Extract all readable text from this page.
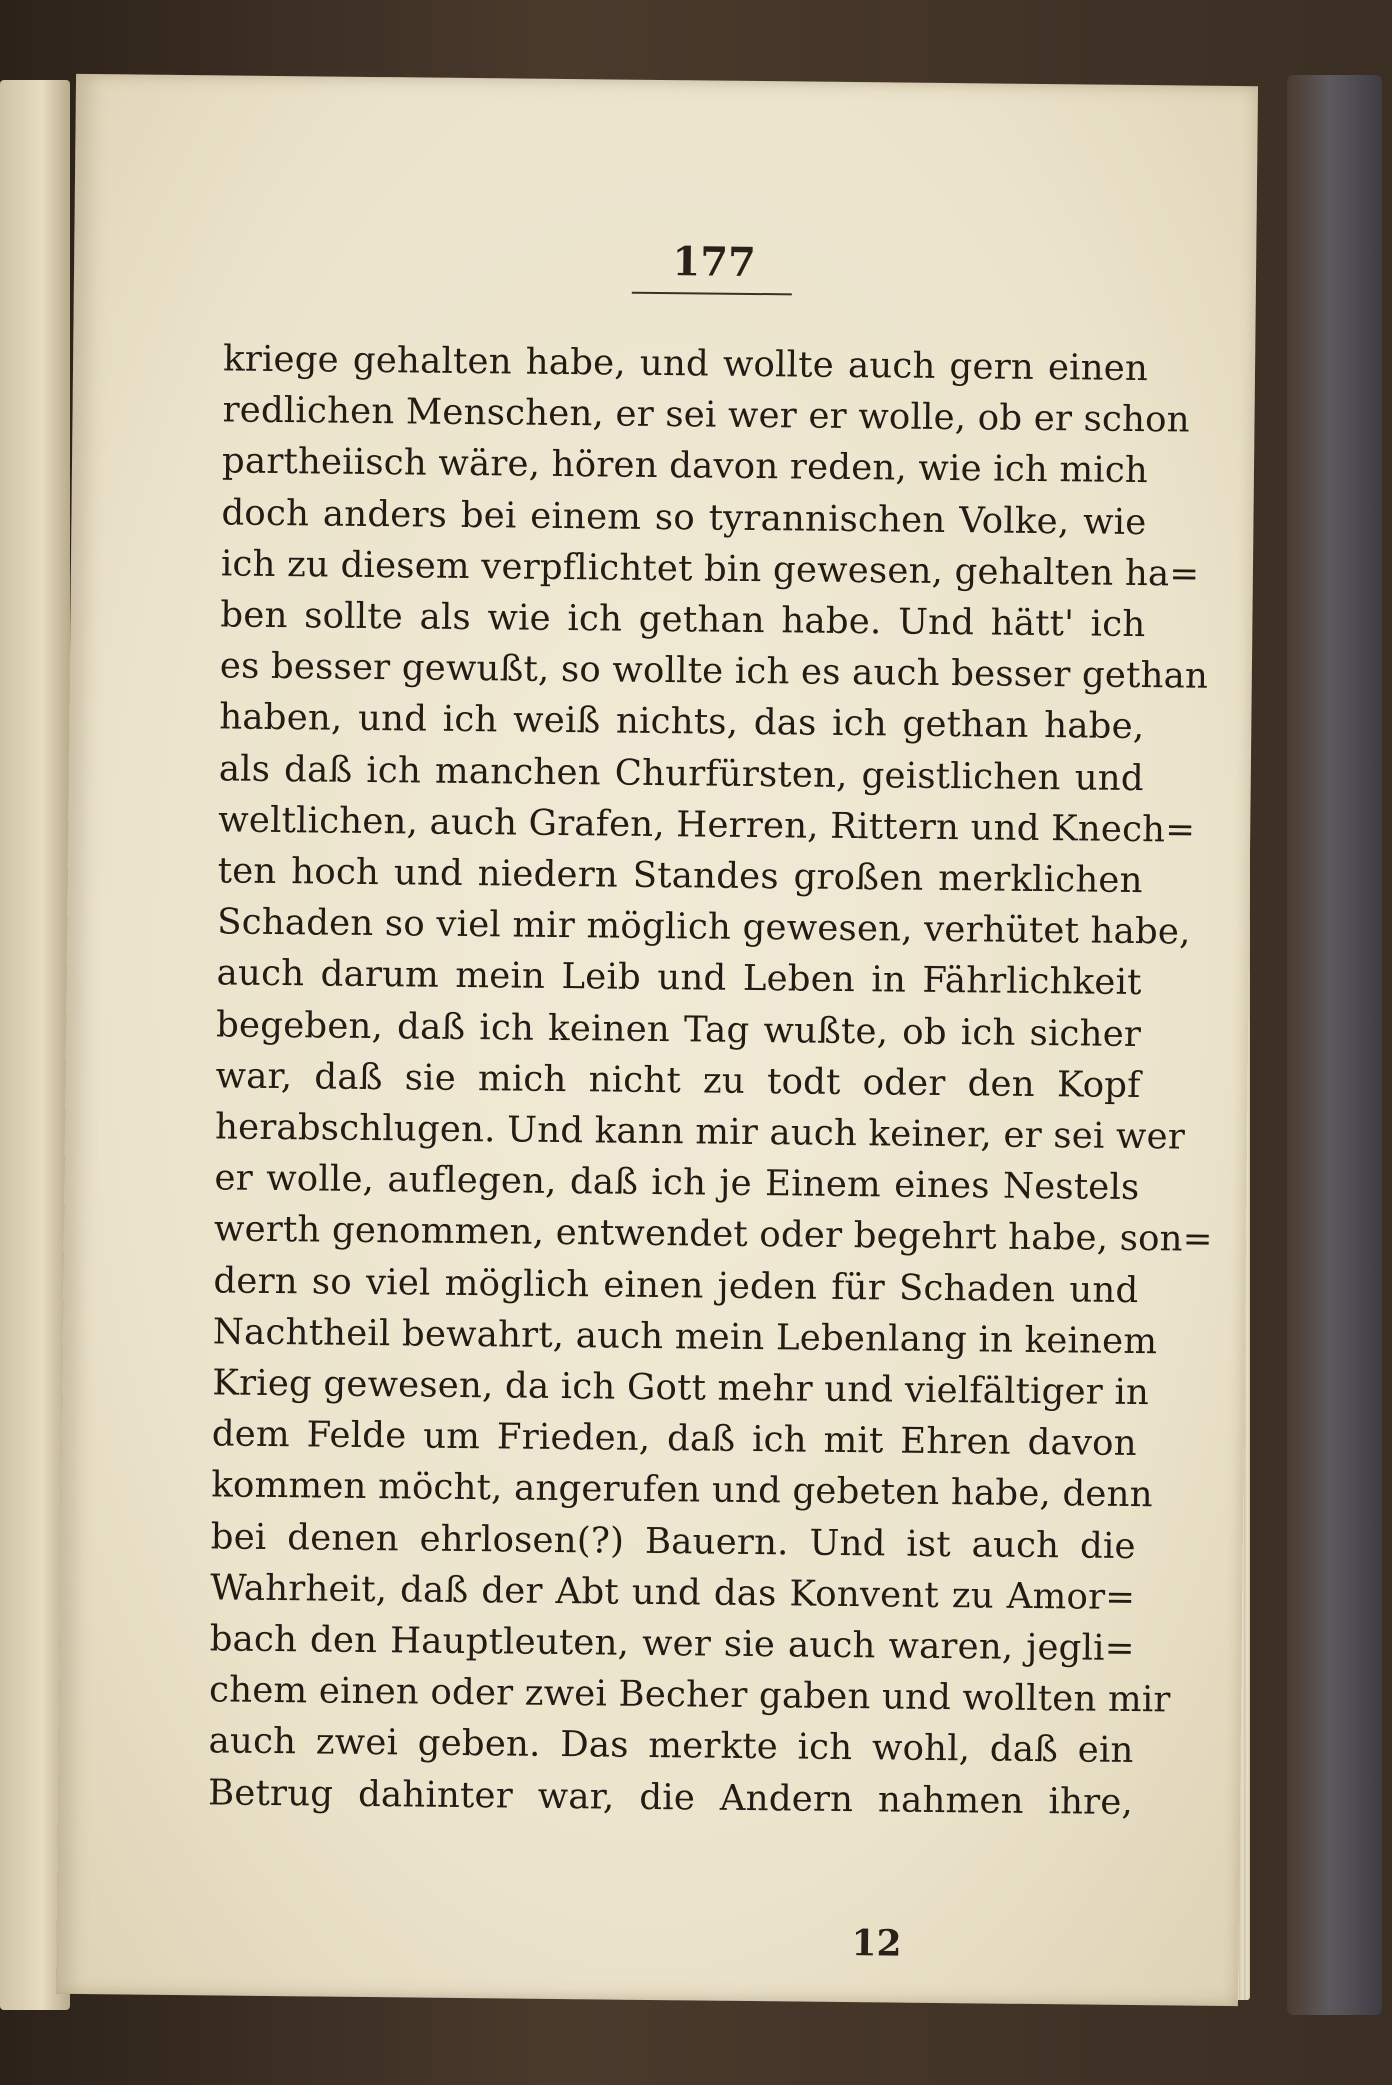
177
kriege gehalten habe, und wollte auch gern einen
redlichen Menschen, er sei wer er wolle, ob er schon
partheiisch wäre, hören davon reden, wie ich mich
doch anders bei einem so tyrannischen Volke, wie
ich zu diesem verpflichtet bin gewesen, gehalten ha=
ben sollte als wie ich gethan habe. Und hätt' ich
es besser gewußt, so wollte ich es auch besser gethan
haben, und ich weiß nichts, das ich gethan habe,
als daß ich manchen Churfürsten, geistlichen und
weltlichen, auch Grafen, Herren, Rittern und Knech=
ten hoch und niedern Standes großen merklichen
Schaden so viel mir möglich gewesen, verhütet habe,
auch darum mein Leib und Leben in Fährlichkeit
begeben, daß ich keinen Tag wußte, ob ich sicher
war, daß sie mich nicht zu todt oder den Kopf
herabschlugen. Und kann mir auch keiner, er sei wer
er wolle, auflegen, daß ich je Einem eines Nestels
werth genommen, entwendet oder begehrt habe, son=
dern so viel möglich einen jeden für Schaden und
Nachtheil bewahrt, auch mein Lebenlang in keinem
Krieg gewesen, da ich Gott mehr und vielfältiger in
dem Felde um Frieden, daß ich mit Ehren davon
kommen möcht, angerufen und gebeten habe, denn
bei denen ehrlosen(?) Bauern. Und ist auch die
Wahrheit, daß der Abt und das Konvent zu Amor=
bach den Hauptleuten, wer sie auch waren, jegli=
chem einen oder zwei Becher gaben und wollten mir
auch zwei geben. Das merkte ich wohl, daß ein
Betrug dahinter war, die Andern nahmen ihre,
12
